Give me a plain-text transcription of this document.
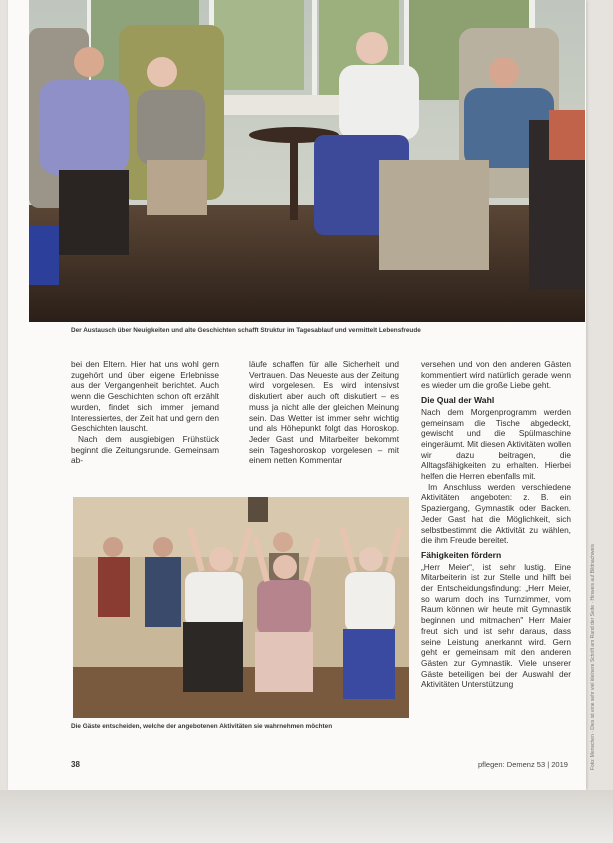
Der Austausch über Neuigkeiten und alte Geschichten schafft Struktur im Tagesablauf und vermittelt Lebensfreude

bei den Eltern. Hier hat uns wohl gern zugehört und über eigene Erlebnisse aus der Vergangenheit berichtet. Auch wenn die Geschichten schon oft erzählt wurden, findet sich immer jemand Interessiertes, der Zeit hat und gern den Geschichten lauscht.

Nach dem ausgiebigen Frühstück beginnt die Zeitungsrunde. Gemeinsam ab-

läufe schaffen für alle Sicherheit und Vertrauen. Das Neueste aus der Zeitung wird vorgelesen. Es wird intensivst diskutiert aber auch oft diskutiert – es muss ja nicht alle der gleichen Meinung sein. Das Wetter ist immer sehr wichtig und als Höhepunkt folgt das Horoskop. Jeder Gast und Mitarbeiter bekommt sein Tageshoroskop vorgelesen – mit einem netten Kommentar

versehen und von den anderen Gästen kommentiert wird natürlich gerade wenn es wieder um die große Liebe geht.

Die Qual der Wahl

Nach dem Morgenprogramm werden gemeinsam die Tische abgedeckt, gewischt und die Spülmaschine eingeräumt. Mit diesen Aktivitäten wollen wir dazu beitragen, die Alltagsfähigkeiten zu erhalten. Hierbei helfen die Herren ebenfalls mit.

Im Anschluss werden verschiedene Aktivitäten angeboten: z. B. ein Spaziergang, Gymnastik oder Backen. Jeder Gast hat die Möglichkeit, sich selbstbestimmt die Aktivität zu wählen, die ihm Freude bereitet.

Fähigkeiten fördern

„Herr Meier“, ist sehr lustig. Eine Mitarbeiterin ist zur Stelle und hilft bei der Entscheidungsfindung: „Herr Meier, so warum doch ins Turnzimmer, vom Raum können wir heute mit Gymnastik beginnen und mitmachen" Herr Maier freut sich und ist sehr daraus, dass seine Leistung anerkannt wird. Gern geht er gemeinsam mit den anderen Gästen zur Gymnastik. Viele unserer Gäste beteiligen bei der Auswahl der Aktivitäten Unterstützung

Die Gäste entscheiden, welche der angebotenen Aktivitäten sie wahrnehmen möchten
38	pflegen: Demenz 53 | 2019	Foto: Menschen · Dies ist eine sehr viel kleinere Schrift am Rand der Seite · Hinweis auf Bildnachweis
